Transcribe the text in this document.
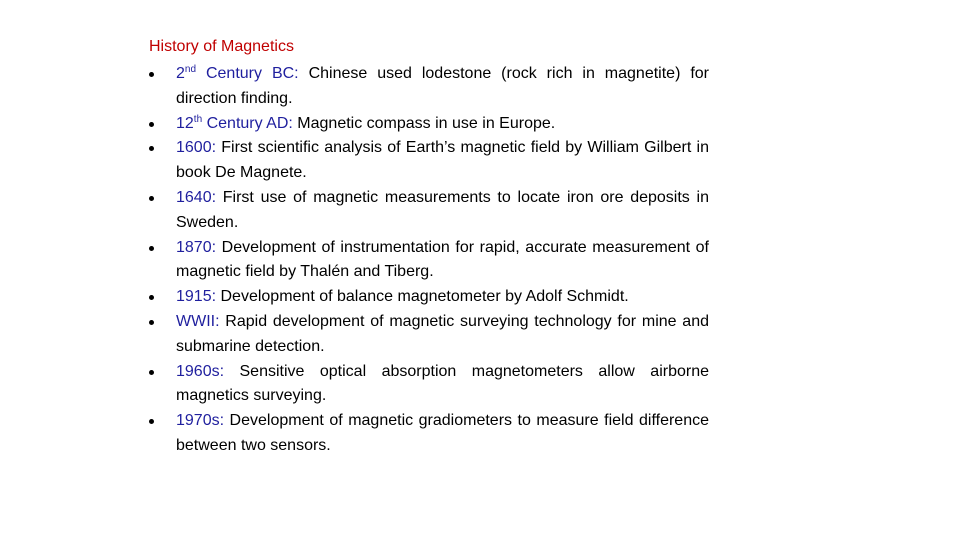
History of Magnetics
2nd Century BC: Chinese used lodestone (rock rich in magnetite) for direction finding.
12th Century AD: Magnetic compass in use in Europe.
1600: First scientific analysis of Earth’s magnetic field by William Gilbert in book De Magnete.
1640: First use of magnetic measurements to locate iron ore deposits in Sweden.
1870: Development of instrumentation for rapid, accurate measurement of magnetic field by Thalén and Tiberg.
1915: Development of balance magnetometer by Adolf Schmidt.
WWII: Rapid development of magnetic surveying technology for mine and submarine detection.
1960s: Sensitive optical absorption magnetometers allow airborne magnetics surveying.
1970s: Development of magnetic gradiometers to measure field difference between two sensors.
